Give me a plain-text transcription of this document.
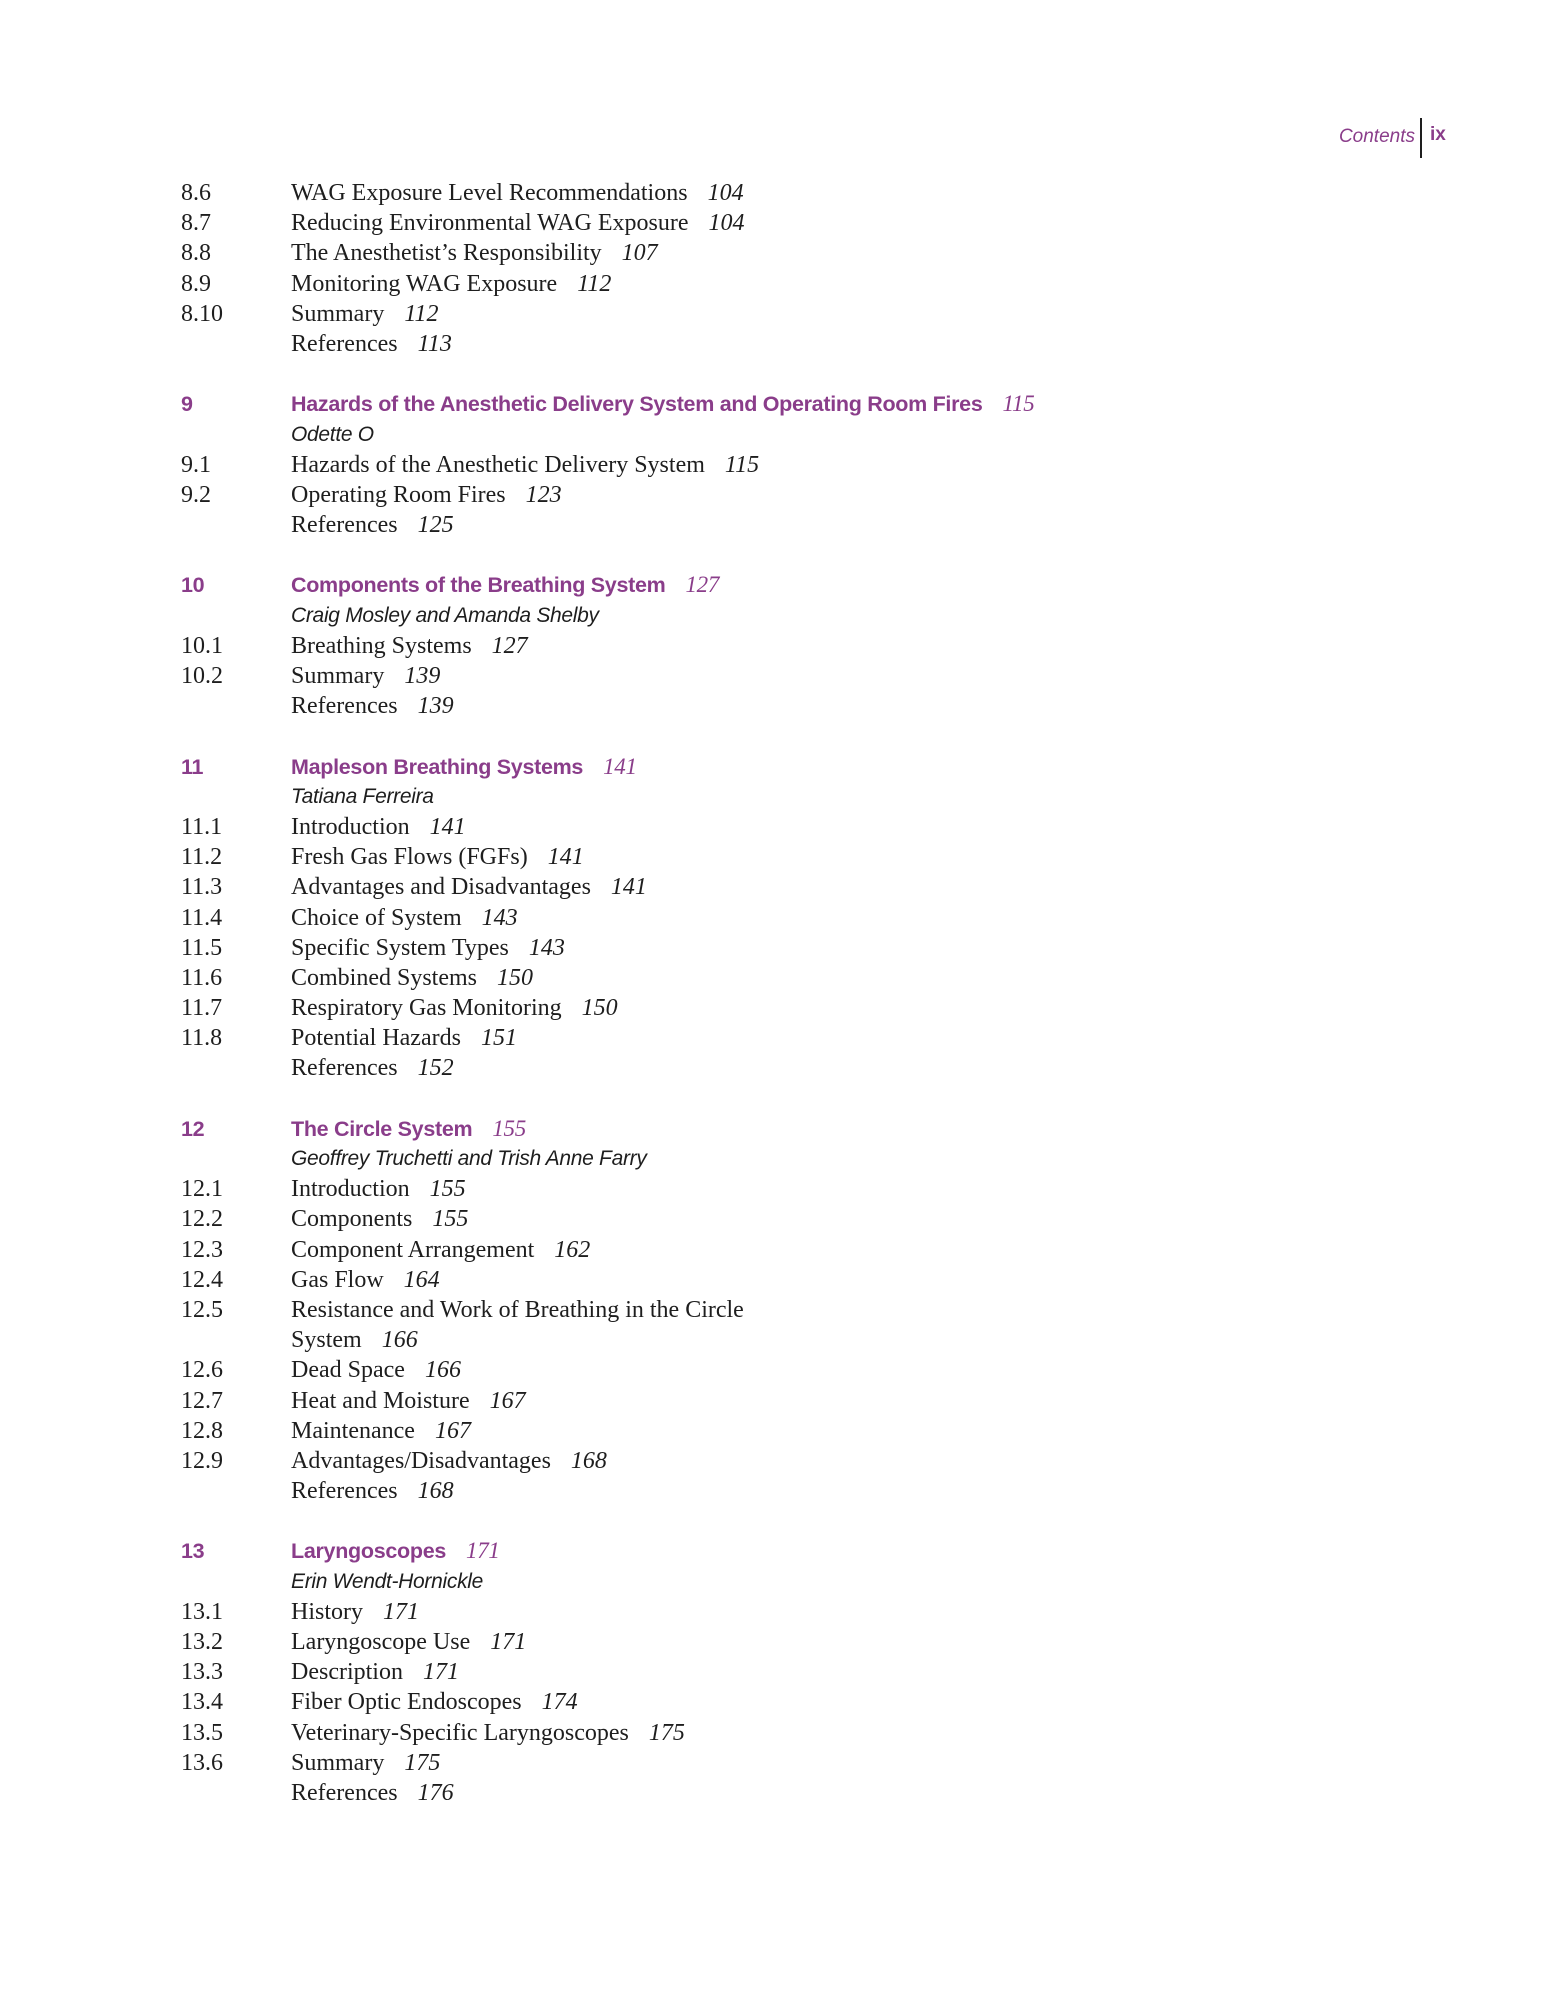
Contents ix
8.6	WAG Exposure Level Recommendations 104
8.7	Reducing Environmental WAG Exposure 104
8.8	The Anesthetist’s Responsibility 107
8.9	Monitoring WAG Exposure 112
8.10	Summary 112
References 113
9	Hazards of the Anesthetic Delivery System and Operating Room Fires 115
Odette O
9.1	Hazards of the Anesthetic Delivery System 115
9.2	Operating Room Fires 123
References 125
10	Components of the Breathing System 127
Craig Mosley and Amanda Shelby
10.1	Breathing Systems 127
10.2	Summary 139
References 139
11	Mapleson Breathing Systems 141
Tatiana Ferreira
11.1	Introduction 141
11.2	Fresh Gas Flows (FGFs) 141
11.3	Advantages and Disadvantages 141
11.4	Choice of System 143
11.5	Specific System Types 143
11.6	Combined Systems 150
11.7	Respiratory Gas Monitoring 150
11.8	Potential Hazards 151
References 152
12	The Circle System 155
Geoffrey Truchetti and Trish Anne Farry
12.1	Introduction 155
12.2	Components 155
12.3	Component Arrangement 162
12.4	Gas Flow 164
12.5	Resistance and Work of Breathing in the Circle
System 166
12.6	Dead Space 166
12.7	Heat and Moisture 167
12.8	Maintenance 167
12.9	Advantages/Disadvantages 168
References 168
13	Laryngoscopes 171
Erin Wendt-Hornickle
13.1	History 171
13.2	Laryngoscope Use 171
13.3	Description 171
13.4	Fiber Optic Endoscopes 174
13.5	Veterinary-Specific Laryngoscopes 175
13.6	Summary 175
References 176
